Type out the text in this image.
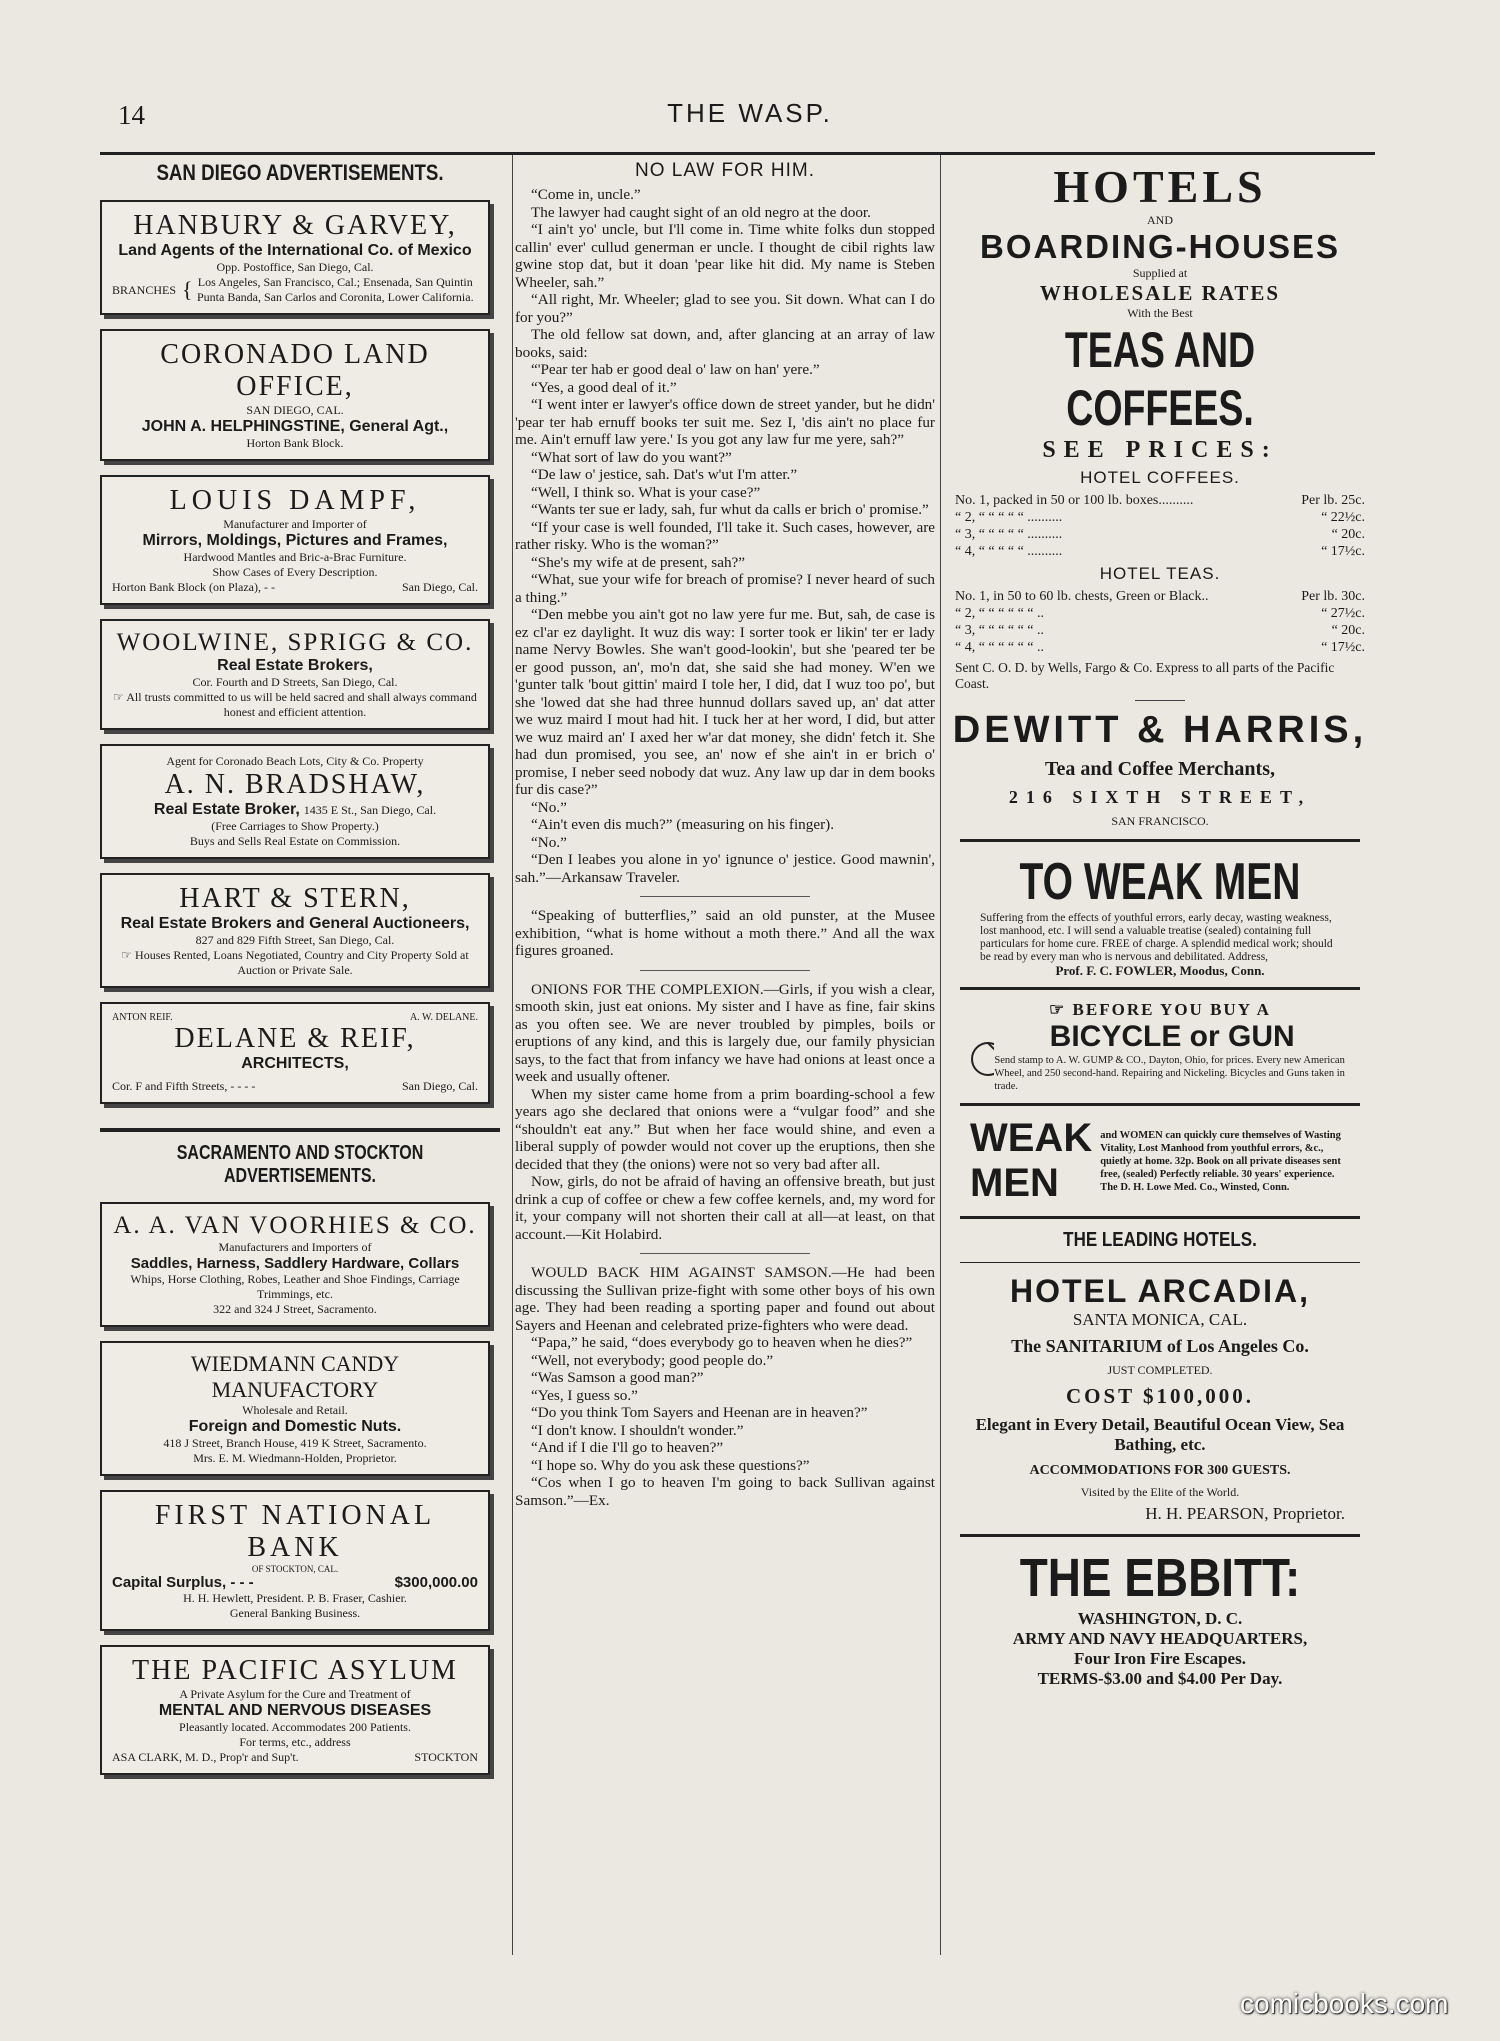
14	THE WASP.
SAN DIEGO ADVERTISEMENTS.
HANBURY & GARVEY,
Land Agents of the International Co. of Mexico
Opp. Postoffice, San Diego, Cal.
BRANCHES { Los Angeles, San Francisco, Cal.; Ensenada, San Quintin Punta Banda, San Carlos and Coronita, Lower California.
CORONADO LAND OFFICE,
SAN DIEGO, CAL.
JOHN A. HELPHINGSTINE, General Agt.,
Horton Bank Block.
LOUIS DAMPF,
Manufacturer and Importer of
Mirrors, Moldings, Pictures and Frames,
Hardwood Mantles and Bric-a-Brac Furniture.
Show Cases of Every Description.
Horton Bank Block (on Plaza), - -	San Diego, Cal.
WOOLWINE, SPRIGG & CO.
Real Estate Brokers,
Cor. Fourth and D Streets, San Diego, Cal.
☞ All trusts committed to us will be held sacred and shall always command honest and efficient attention.
Agent for Coronado Beach Lots, City & Co. Property
A. N. BRADSHAW,
Real Estate Broker, 1435 E St., San Diego, Cal.
(Free Carriages to Show Property.)
Buys and Sells Real Estate on Commission.
HART & STERN,
Real Estate Brokers and General Auctioneers,
827 and 829 Fifth Street, San Diego, Cal.
☞ Houses Rented, Loans Negotiated, Country and City Property Sold at Auction or Private Sale.
ANTON REIF.	A. W. DELANE.
DELANE & REIF,
ARCHITECTS,
Cor. F and Fifth Streets, - - - -	San Diego, Cal.
SACRAMENTO AND STOCKTON ADVERTISEMENTS.
A. A. VAN VOORHIES & CO.
Manufacturers and Importers of
Saddles, Harness, Saddlery Hardware, Collars
Whips, Horse Clothing, Robes, Leather and Shoe Findings, Carriage Trimmings, etc.
322 and 324 J Street, Sacramento.
WIEDMANN CANDY MANUFACTORY
Wholesale and Retail.
Foreign and Domestic Nuts.
418 J Street, Branch House, 419 K Street, Sacramento.
Mrs. E. M. Wiedmann-Holden, Proprietor.
FIRST NATIONAL BANK
OF STOCKTON, CAL.
Capital Surplus, - - -	$300,000.00
H. H. Hewlett, President. P. B. Fraser, Cashier.
General Banking Business.
THE PACIFIC ASYLUM
A Private Asylum for the Cure and Treatment of
MENTAL AND NERVOUS DISEASES
Pleasantly located. Accommodates 200 Patients.
For terms, etc., address
ASA CLARK, M. D., Prop'r and Sup't.	STOCKTON
NO LAW FOR HIM.

“Come in, uncle.”

The lawyer had caught sight of an old negro at the door.

“I ain't yo' uncle, but I'll come in. Time white folks dun stopped callin' ever' cullud generman er uncle. I thought de cibil rights law gwine stop dat, but it doan 'pear like hit did. My name is Steben Wheeler, sah.”

“All right, Mr. Wheeler; glad to see you. Sit down. What can I do for you?”

The old fellow sat down, and, after glancing at an array of law books, said:

“'Pear ter hab er good deal o' law on han' yere.”

“Yes, a good deal of it.”

“I went inter er lawyer's office down de street yander, but he didn' 'pear ter hab ernuff books ter suit me. Sez I, 'dis ain't no place fur me. Ain't ernuff law yere.' Is you got any law fur me yere, sah?”

“What sort of law do you want?”

“De law o' jestice, sah. Dat's w'ut I'm atter.”

“Well, I think so. What is your case?”

“Wants ter sue er lady, sah, fur whut da calls er brich o' promise.”

“If your case is well founded, I'll take it. Such cases, however, are rather risky. Who is the woman?”

“She's my wife at de present, sah?”

“What, sue your wife for breach of promise? I never heard of such a thing.”

“Den mebbe you ain't got no law yere fur me. But, sah, de case is ez cl'ar ez daylight. It wuz dis way: I sorter took er likin' ter er lady name Nervy Bowles. She wan't good-lookin', but she 'peared ter be er good pusson, an', mo'n dat, she said she had money. W'en we 'gunter talk 'bout gittin' maird I tole her, I did, dat I wuz too po', but she 'lowed dat she had three hunnud dollars saved up, an' dat atter we wuz maird I mout had hit. I tuck her at her word, I did, but atter we wuz maird an' I axed her w'ar dat money, she didn' fetch it. She had dun promised, you see, an' now ef she ain't in er brich o' promise, I neber seed nobody dat wuz. Any law up dar in dem books fur dis case?”

“No.”

“Ain't even dis much?” (measuring on his finger).

“No.”

“Den I leabes you alone in yo' ignunce o' jestice. Good mawnin', sah.”—Arkansaw Traveler.

“Speaking of butterflies,” said an old punster, at the Musee exhibition, “what is home without a moth there.” And all the wax figures groaned.

ONIONS FOR THE COMPLEXION.—Girls, if you wish a clear, smooth skin, just eat onions. My sister and I have as fine, fair skins as you often see. We are never troubled by pimples, boils or eruptions of any kind, and this is largely due, our family physician says, to the fact that from infancy we have had onions at least once a week and usually oftener.

When my sister came home from a prim boarding-school a few years ago she declared that onions were a “vulgar food” and she “shouldn't eat any.” But when her face would shine, and even a liberal supply of powder would not cover up the eruptions, then she decided that they (the onions) were not so very bad after all.

Now, girls, do not be afraid of having an offensive breath, but just drink a cup of coffee or chew a few coffee kernels, and, my word for it, your company will not shorten their call at all—at least, on that account.—Kit Holabird.

WOULD BACK HIM AGAINST SAMSON.—He had been discussing the Sullivan prize-fight with some other boys of his own age. They had been reading a sporting paper and found out about Sayers and Heenan and celebrated prize-fighters who were dead.

“Papa,” he said, “does everybody go to heaven when he dies?”

“Well, not everybody; good people do.”

“Was Samson a good man?”

“Yes, I guess so.”

“Do you think Tom Sayers and Heenan are in heaven?”

“I don't know. I shouldn't wonder.”

“And if I die I'll go to heaven?”

“I hope so. Why do you ask these questions?”

“Cos when I go to heaven I'm going to back Sullivan against Samson.”—Ex.

HOTELS
AND
BOARDING-HOUSES
Supplied at
WHOLESALE RATES
With the Best
TEAS AND COFFEES.
SEE PRICES:
HOTEL COFFEES.
No. 1, packed in 50 or 100 lb. boxes..........	Per lb. 25c.
“ 2, “ “ “ “ “ ..........	“ 22½c.
“ 3, “ “ “ “ “ ..........	“ 20c.
“ 4, “ “ “ “ “ ..........	“ 17½c.
HOTEL TEAS.
No. 1, in 50 to 60 lb. chests, Green or Black..	Per lb. 30c.
“ 2, “ “ “ “ “ “ ..	“ 27½c.
“ 3, “ “ “ “ “ “ ..	“ 20c.
“ 4, “ “ “ “ “ “ ..	“ 17½c.
Sent C. O. D. by Wells, Fargo & Co. Express to all parts of the Pacific Coast.
DEWITT & HARRIS,
Tea and Coffee Merchants,
216 SIXTH STREET,
SAN FRANCISCO.
TO WEAK MEN
Suffering from the effects of youthful errors, early decay, wasting weakness, lost manhood, etc. I will send a valuable treatise (sealed) containing full particulars for home cure. FREE of charge. A splendid medical work; should be read by every man who is nervous and debilitated. Address,
Prof. F. C. FOWLER, Moodus, Conn.
☞ BEFORE YOU BUY A
BICYCLE or GUN
Send stamp to A. W. GUMP & CO., Dayton, Ohio, for prices. Every new American Wheel, and 250 second-hand. Repairing and Nickeling. Bicycles and Guns taken in trade.
WEAK MEN
and WOMEN can quickly cure themselves of Wasting Vitality, Lost Manhood from youthful errors, &c., quietly at home. 32p. Book on all private diseases sent free, (sealed) Perfectly reliable. 30 years' experience. The D. H. Lowe Med. Co., Winsted, Conn.
THE LEADING HOTELS.
HOTEL ARCADIA,
SANTA MONICA, CAL.
The SANITARIUM of Los Angeles Co.
JUST COMPLETED.
COST $100,000.
Elegant in Every Detail, Beautiful Ocean View, Sea Bathing, etc.
ACCOMMODATIONS FOR 300 GUESTS.
Visited by the Elite of the World.
H. H. PEARSON, Proprietor.
THE EBBITT:
WASHINGTON, D. C.
ARMY AND NAVY HEADQUARTERS,
Four Iron Fire Escapes.
TERMS-$3.00 and $4.00 Per Day.
comicbooks.com
